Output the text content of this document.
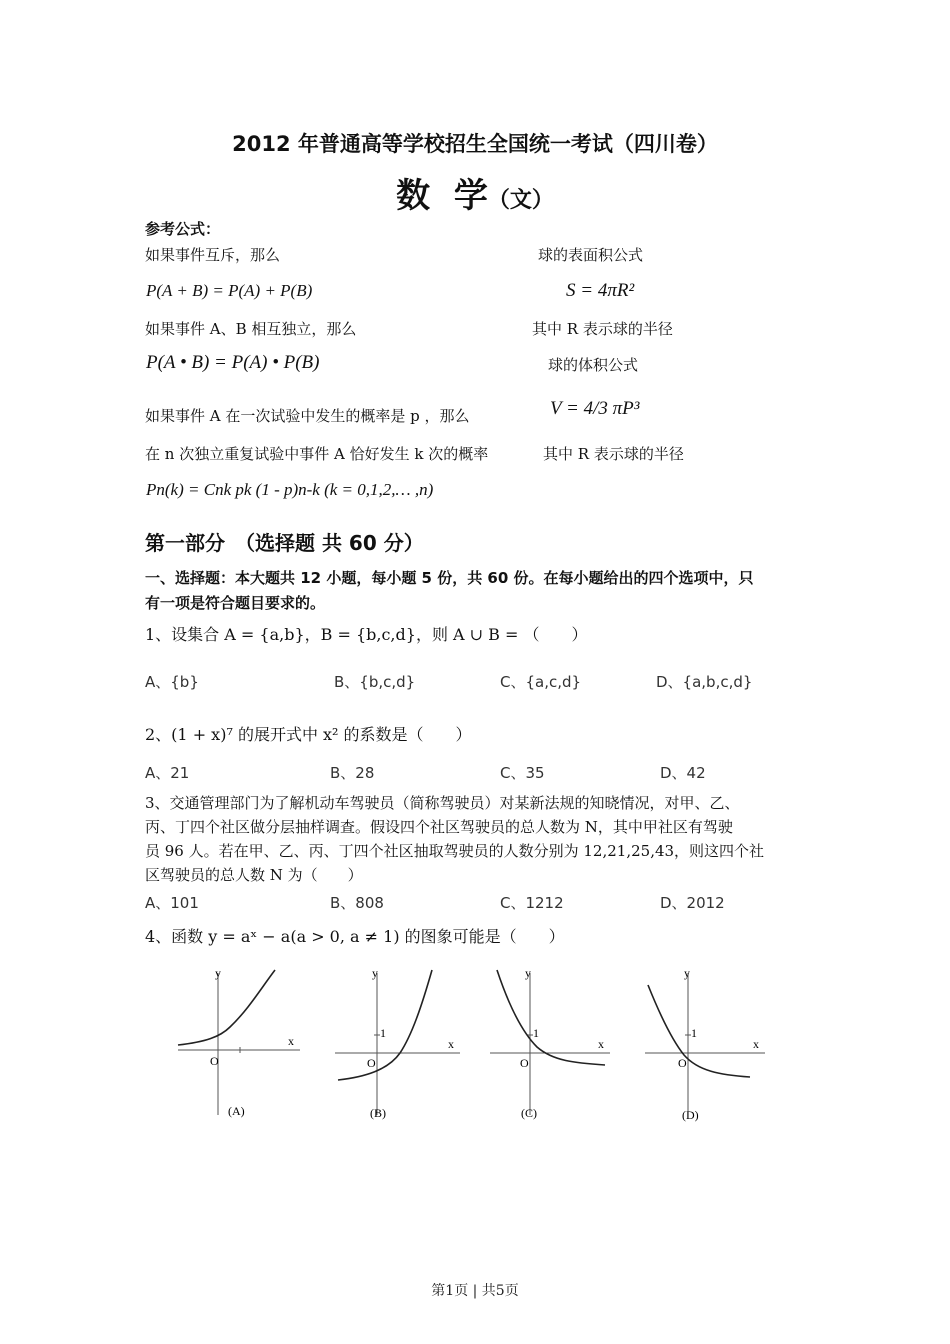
2012 年普通高等学校招生全国统一考试（四川卷）
数  学（文）
参考公式：
如果事件互斥，那么
P(A + B) = P(A) + P(B)
如果事件 A、B 相互独立，那么
P(A • B) = P(A) • P(B)
如果事件 A 在一次试验中发生的概率是 p ，那么
在 n 次独立重复试验中事件 A 恰好发生 k 次的概率
Pn(k) = Cnk pk (1 - p)n-k (k = 0,1,2,… ,n)
球的表面积公式
S = 4πR²
其中 R 表示球的半径
球的体积公式
V = 4/3 πP³
其中 R 表示球的半径
第一部分　（选择题 共 60 分）
一、选择题：本大题共 12 小题，每小题 5 份，共 60 份。在每小题给出的四个选项中，只
有一项是符合题目要求的。
1、设集合 A = {a,b}，B = {b,c,d}，则 A ∪ B = （　　）
A、{b}	B、{b,c,d}	C、{a,c,d}	D、{a,b,c,d}
2、(1 + x)⁷ 的展开式中 x² 的系数是（　　）
A、21	B、28	C、35	D、42
3、交通管理部门为了解机动车驾驶员（简称驾驶员）对某新法规的知晓情况，对甲、乙、
丙、丁四个社区做分层抽样调查。假设四个社区驾驶员的总人数为 N，其中甲社区有驾驶
员 96 人。若在甲、乙、丙、丁四个社区抽取驾驶员的人数分别为 12,21,25,43，则这四个社
区驾驶员的总人数 N 为（　　）
A、101	B、808	C、1212	D、2012
4、函数 y = aˣ − a(a > 0, a ≠ 1) 的图象可能是（　　）
y
x
O
(A)
y
x
O
1
(B)
y
x
O
1
(C)
y
x
O
1
(D)
第1页 | 共5页
